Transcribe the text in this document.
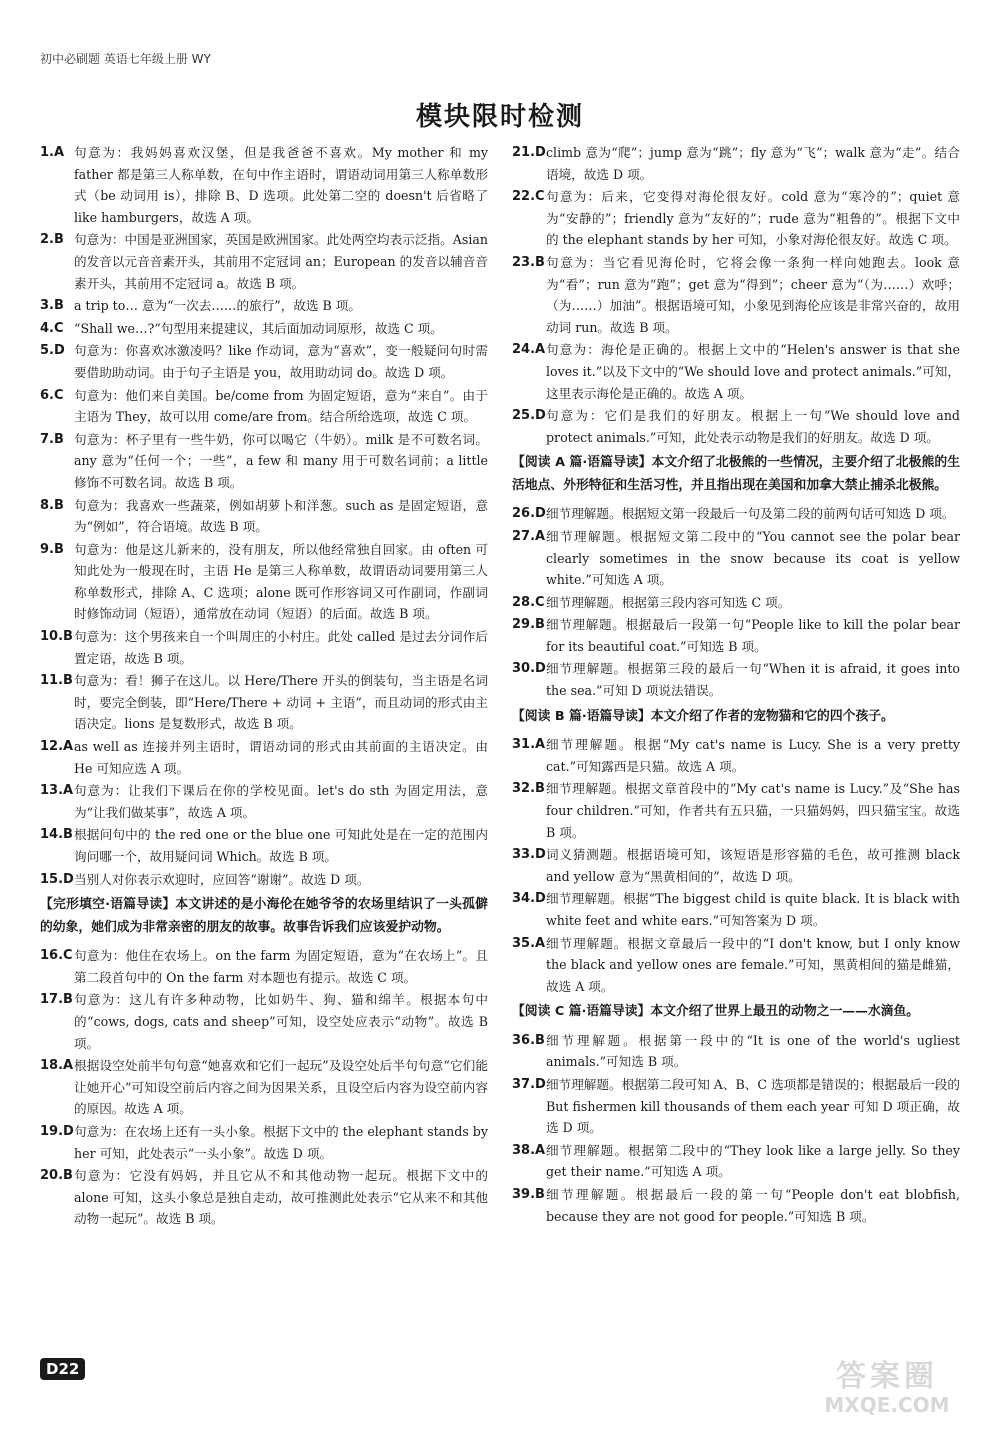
初中必刷题 英语七年级上册 WY
模块限时检测
1.A 句意为：我妈妈喜欢汉堡，但是我爸爸不喜欢。My mother 和 my father 都是第三人称单数，在句中作主语时，谓语动词用第三人称单数形式（be 动词用 is），排除 B、D 选项。此处第二空的 doesn't 后省略了 like hamburgers，故选 A 项。
2.B 句意为：中国是亚洲国家，英国是欧洲国家。此处两空均表示泛指。Asian 的发音以元音音素开头，其前用不定冠词 an；European 的发音以辅音音素开头，其前用不定冠词 a。故选 B 项。
3.B a trip to… 意为“一次去……的旅行”，故选 B 项。
4.C “Shall we…?”句型用来提建议，其后面加动词原形，故选 C 项。
5.D 句意为：你喜欢冰激凌吗？like 作动词，意为“喜欢”，变一般疑问句时需要借助助动词。由于句子主语是 you，故用助动词 do。故选 D 项。
6.C 句意为：他们来自美国。be/come from 为固定短语，意为“来自”。由于主语为 They，故可以用 come/are from。结合所给选项，故选 C 项。
7.B 句意为：杯子里有一些牛奶，你可以喝它（牛奶）。milk 是不可数名词。any 意为“任何一个；一些”，a few 和 many 用于可数名词前；a little 修饰不可数名词。故选 B 项。
8.B 句意为：我喜欢一些蔬菜，例如胡萝卜和洋葱。such as 是固定短语，意为“例如”，符合语境。故选 B 项。
9.B 句意为：他是这儿新来的，没有朋友，所以他经常独自回家。由 often 可知此处为一般现在时，主语 He 是第三人称单数，故谓语动词要用第三人称单数形式，排除 A、C 选项；alone 既可作形容词又可作副词，作副词时修饰动词（短语），通常放在动词（短语）的后面。故选 B 项。
10.B 句意为：这个男孩来自一个叫周庄的小村庄。此处 called 是过去分词作后置定语，故选 B 项。
11.B 句意为：看！狮子在这儿。以 Here/There 开头的倒装句，当主语是名词时，要完全倒装，即“Here/There + 动词 + 主语”，而且动词的形式由主语决定。lions 是复数形式，故选 B 项。
12.A as well as 连接并列主语时，谓语动词的形式由其前面的主语决定。由 He 可知应选 A 项。
13.A 句意为：让我们下课后在你的学校见面。let's do sth 为固定用法，意为“让我们做某事”，故选 A 项。
14.B 根据问句中的 the red one or the blue one 可知此处是在一定的范围内询问哪一个，故用疑问词 Which。故选 B 项。
15.D 当别人对你表示欢迎时，应回答“谢谢”。故选 D 项。
【完形填空·语篇导读】本文讲述的是小海伦在她爷爷的农场里结识了一头孤僻的幼象，她们成为非常亲密的朋友的故事。故事告诉我们应该爱护动物。
16.C 句意为：他住在农场上。on the farm 为固定短语，意为“在农场上”。且第二段首句中的 On the farm 对本题也有提示。故选 C 项。
17.B 句意为：这儿有许多种动物，比如奶牛、狗、猫和绵羊。根据本句中的“cows, dogs, cats and sheep”可知，设空处应表示“动物”。故选 B 项。
18.A 根据设空处前半句句意“她喜欢和它们一起玩”及设空处后半句句意“它们能让她开心”可知设空前后内容之间为因果关系，且设空后内容为设空前内容的原因。故选 A 项。
19.D 句意为：在农场上还有一头小象。根据下文中的 the elephant stands by her 可知，此处表示“一头小象”。故选 D 项。
20.B 句意为：它没有妈妈，并且它从不和其他动物一起玩。根据下文中的 alone 可知，这头小象总是独自走动，故可推测此处表示“它从来不和其他动物一起玩”。故选 B 项。
21.D climb 意为“爬”；jump 意为“跳”；fly 意为“飞”；walk 意为“走”。结合语境，故选 D 项。
22.C 句意为：后来，它变得对海伦很友好。cold 意为“寒冷的”；quiet 意为“安静的”；friendly 意为“友好的”；rude 意为“粗鲁的”。根据下文中的 the elephant stands by her 可知，小象对海伦很友好。故选 C 项。
23.B 句意为：当它看见海伦时，它将会像一条狗一样向她跑去。look 意为“看”；run 意为“跑”；get 意为“得到”；cheer 意为“（为……）欢呼；（为……）加油”。根据语境可知，小象见到海伦应该是非常兴奋的，故用动词 run。故选 B 项。
24.A 句意为：海伦是正确的。根据上文中的“Helen's answer is that she loves it.”以及下文中的“We should love and protect animals.”可知，这里表示海伦是正确的。故选 A 项。
25.D 句意为：它们是我们的好朋友。根据上一句“We should love and protect animals.”可知，此处表示动物是我们的好朋友。故选 D 项。
【阅读 A 篇·语篇导读】本文介绍了北极熊的一些情况，主要介绍了北极熊的生活地点、外形特征和生活习性，并且指出现在美国和加拿大禁止捕杀北极熊。
26.D 细节理解题。根据短文第一段最后一句及第二段的前两句话可知选 D 项。
27.A 细节理解题。根据短文第二段中的“You cannot see the polar bear clearly sometimes in the snow because its coat is yellow white.”可知选 A 项。
28.C 细节理解题。根据第三段内容可知选 C 项。
29.B 细节理解题。根据最后一段第一句“People like to kill the polar bear for its beautiful coat.”可知选 B 项。
30.D 细节理解题。根据第三段的最后一句“When it is afraid, it goes into the sea.”可知 D 项说法错误。
【阅读 B 篇·语篇导读】本文介绍了作者的宠物猫和它的四个孩子。
31.A 细节理解题。根据“My cat's name is Lucy. She is a very pretty cat.”可知露西是只猫。故选 A 项。
32.B 细节理解题。根据文章首段中的“My cat's name is Lucy.”及“She has four children.”可知，作者共有五只猫，一只猫妈妈，四只猫宝宝。故选 B 项。
33.D 词义猜测题。根据语境可知，该短语是形容猫的毛色，故可推测 black and yellow 意为“黑黄相间的”，故选 D 项。
34.D 细节理解题。根据“The biggest child is quite black. It is black with white feet and white ears.”可知答案为 D 项。
35.A 细节理解题。根据文章最后一段中的“I don't know, but I only know the black and yellow ones are female.”可知，黑黄相间的猫是雌猫，故选 A 项。
【阅读 C 篇·语篇导读】本文介绍了世界上最丑的动物之一——水滴鱼。
36.B 细节理解题。根据第一段中的“It is one of the world's ugliest animals.”可知选 B 项。
37.D 细节理解题。根据第二段可知 A、B、C 选项都是错误的；根据最后一段的 But fishermen kill thousands of them each year 可知 D 项正确，故选 D 项。
38.A 细节理解题。根据第二段中的“They look like a large jelly. So they get their name.”可知选 A 项。
39.B 细节理解题。根据最后一段的第一句“People don't eat blobfish, because they are not good for people.”可知选 B 项。
D22	答案圈
MXQE.COM
